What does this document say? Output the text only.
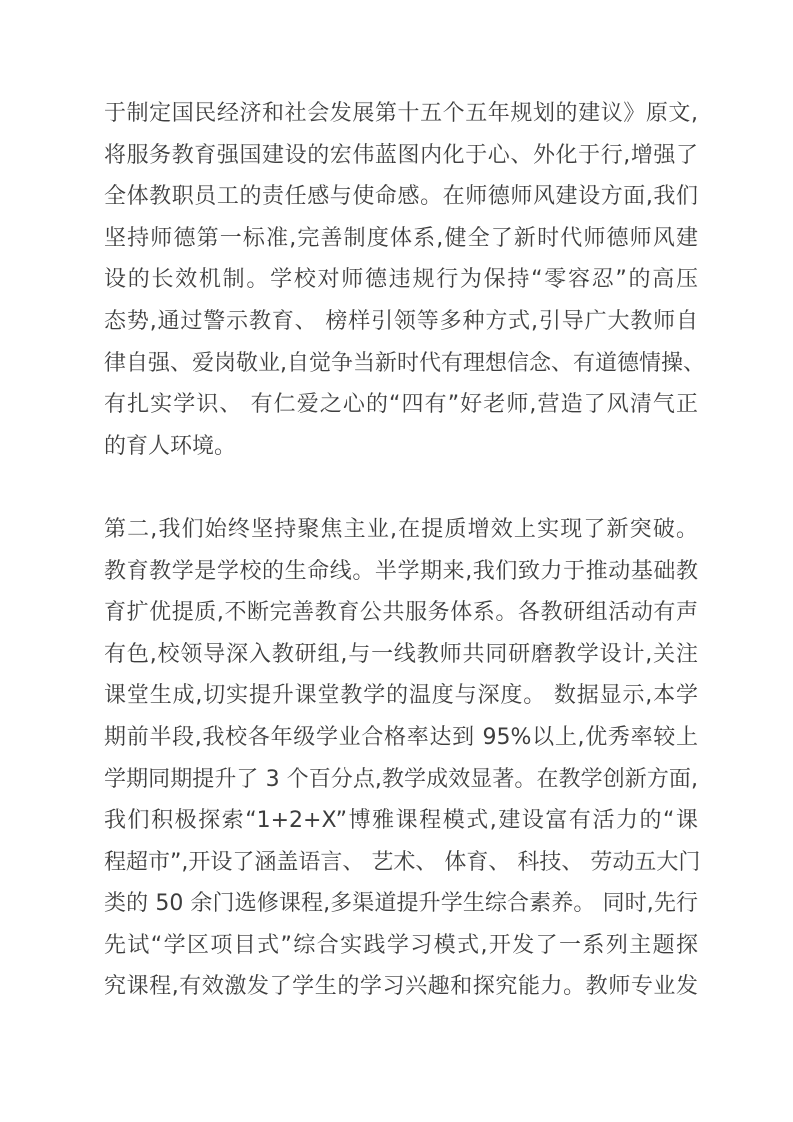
于制定国民经济和社会发展第十五个五年规划的建议》原文,
将服务教育强国建设的宏伟蓝图内化于心、外化于行,增强了
全体教职员工的责任感与使命感。在师德师风建设方面,我们
坚持师德第一标准,完善制度体系,健全了新时代师德师风建
设的长效机制。学校对师德违规行为保持“零容忍”的高压
态势,通过警示教育、 榜样引领等多种方式,引导广大教师自
律自强、爱岗敬业,自觉争当新时代有理想信念、有道德情操、
有扎实学识、 有仁爱之心的“四有”好老师,营造了风清气正
的育人环境。
第二,我们始终坚持聚焦主业,在提质增效上实现了新突破。
教育教学是学校的生命线。半学期来,我们致力于推动基础教
育扩优提质,不断完善教育公共服务体系。各教研组活动有声
有色,校领导深入教研组,与一线教师共同研磨教学设计,关注
课堂生成,切实提升课堂教学的温度与深度。 数据显示,本学
期前半段,我校各年级学业合格率达到 95%以上,优秀率较上
学期同期提升了 3 个百分点,教学成效显著。在教学创新方面,
我们积极探索“1+2+X”博雅课程模式,建设富有活力的“课
程超市”,开设了涵盖语言、 艺术、 体育、 科技、 劳动五大门
类的 50 余门选修课程,多渠道提升学生综合素养。 同时,先行
先试“学区项目式”综合实践学习模式,开发了一系列主题探
究课程,有效激发了学生的学习兴趣和探究能力。教师专业发
